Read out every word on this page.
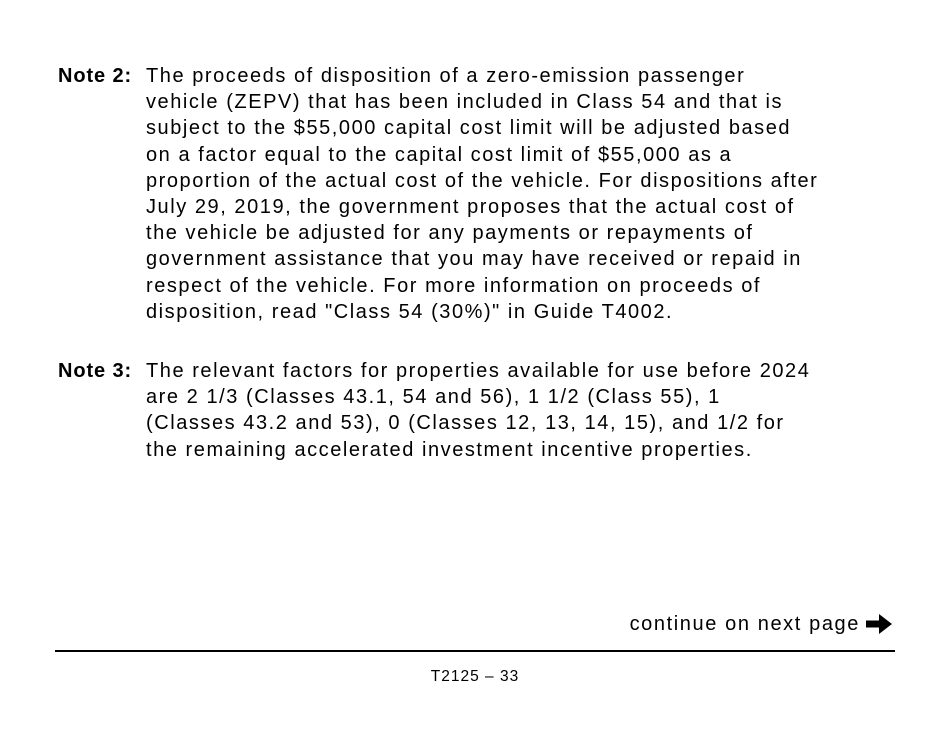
Note 2: The proceeds of disposition of a zero-emission passenger
vehicle (ZEPV) that has been included in Class 54 and that is
subject to the $55,000 capital cost limit will be adjusted based
on a factor equal to the capital cost limit of $55,000 as a
proportion of the actual cost of the vehicle. For dispositions after
July 29, 2019, the government proposes that the actual cost of
the vehicle be adjusted for any payments or repayments of
government assistance that you may have received or repaid in
respect of the vehicle. For more information on proceeds of
disposition, read "Class 54 (30%)" in Guide T4002.
Note 3: The relevant factors for properties available for use before 2024
are 2 1/3 (Classes 43.1, 54 and 56), 1 1/2 (Class 55), 1
(Classes 43.2 and 53), 0 (Classes 12, 13, 14, 15), and 1/2 for
the remaining accelerated investment incentive properties.
continue on next page
T2125 – 33
